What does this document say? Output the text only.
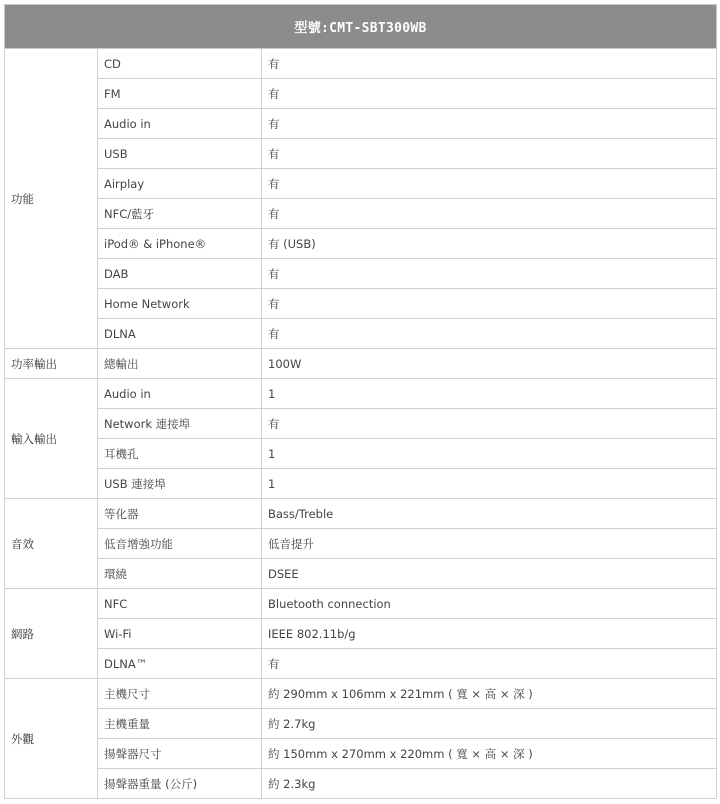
型號:CMT-SBT300WB		
功能	CD	有
	FM	有
	Audio in	有
	USB	有
	Airplay	有
	NFC/藍牙	有
	iPod® & iPhone®	有 (USB)
	DAB	有
	Home Network	有
	DLNA	有
功率輸出	總輸出	100W
輸入輸出	Audio in	1
	Network 連接埠	有
	耳機孔	1
	USB 連接埠	1
音效	等化器	Bass/Treble
	低音增強功能	低音提升
	環繞	DSEE
網路	NFC	Bluetooth connection
	Wi-Fi	IEEE 802.11b/g
	DLNA™	有
外觀	主機尺寸	約 290mm x 106mm x 221mm ( 寬 × 高 × 深 )
	主機重量	約 2.7kg
	揚聲器尺寸	約 150mm x 270mm x 220mm ( 寬 × 高 × 深 )
	揚聲器重量 (公斤)	約 2.3kg
